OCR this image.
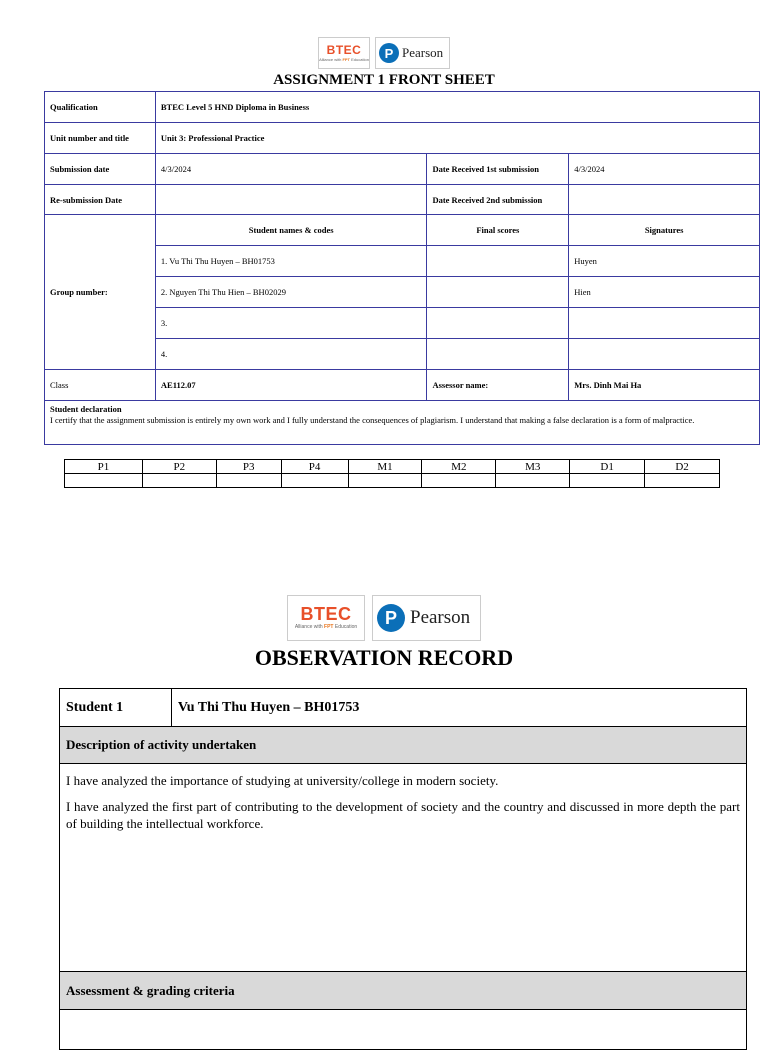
BTEC
Alliance with FPT Education	P Pearson
ASSIGNMENT 1 FRONT SHEET
Qualification	BTEC Level 5 HND Diploma in Business		
Unit number and title	Unit 3: Professional Practice		
Submission date	4/3/2024	Date Received 1st submission	4/3/2024
Re-submission Date		Date Received 2nd submission	
Group number:	Student names & codes	Final scores	Signatures
	1. Vu Thi Thu Huyen – BH01753		Huyen
	2. Nguyen Thi Thu Hien – BH02029		Hien
	3.		
	4.		
Class	AE112.07	Assessor name:	Mrs. Dinh Mai Ha

Student declaration
I certify that the assignment submission is entirely my own work and I fully understand the consequences of plagiarism. I understand that making a false declaration is a form of malpractice.			
P1	P2	P3	P4	M1	M2	M3	D1	D2

BTEC
Alliance with FPT Education	P Pearson
OBSERVATION RECORD
Student 1	Vu Thi Thu Huyen – BH01753
Description of activity undertaken

I have analyzed the importance of studying at university/college in modern society.

I have analyzed the first part of contributing to the development of society and the country and discussed in more depth the part of building the intellectual workforce.

Assessment & grading criteria
